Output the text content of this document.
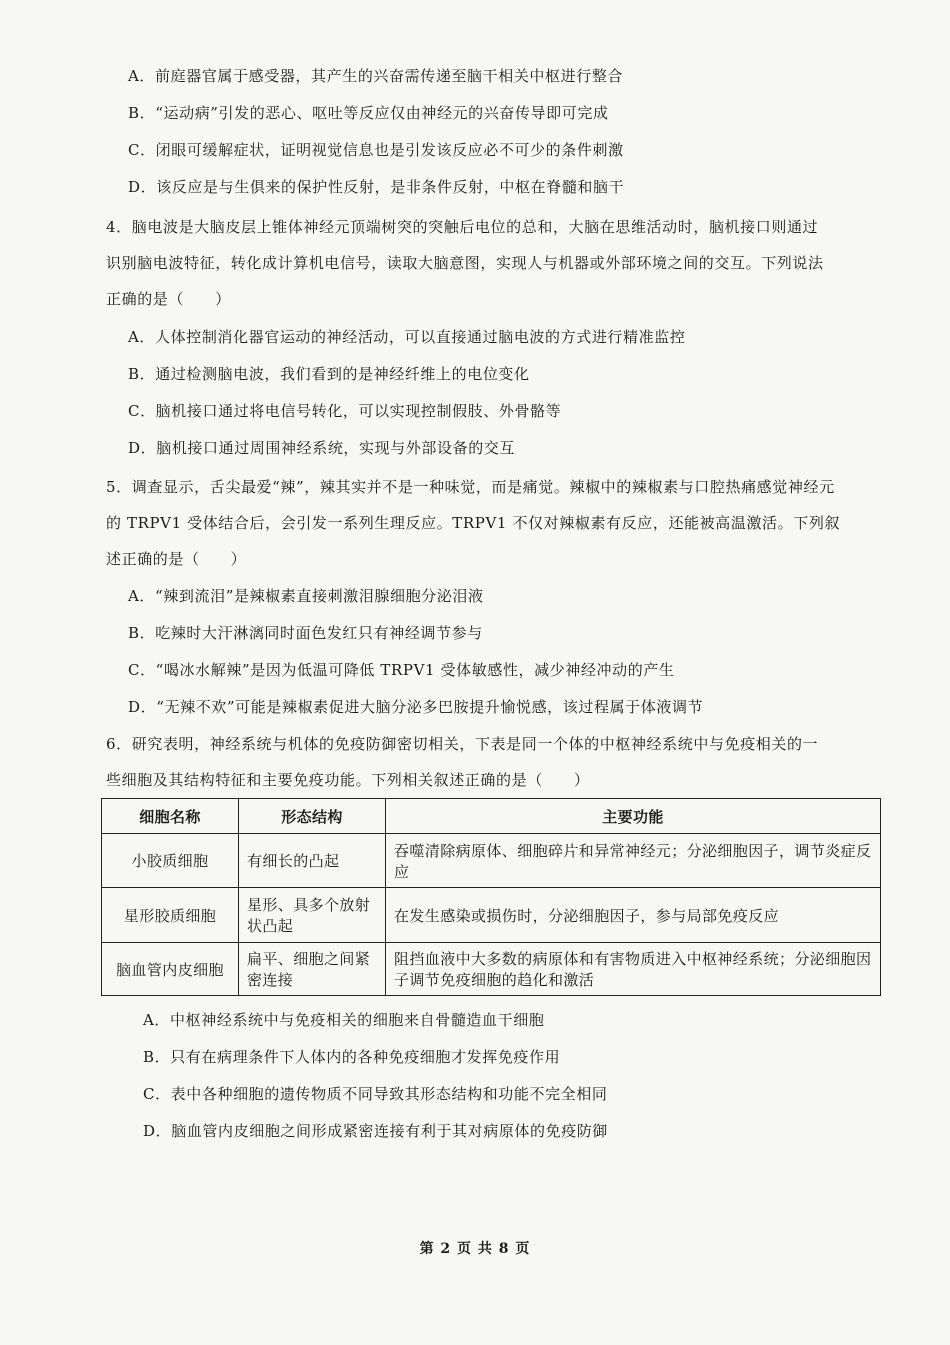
A．前庭器官属于感受器，其产生的兴奋需传递至脑干相关中枢进行整合
B．“运动病”引发的恶心、呕吐等反应仅由神经元的兴奋传导即可完成
C．闭眼可缓解症状，证明视觉信息也是引发该反应必不可少的条件刺激
D．该反应是与生俱来的保护性反射，是非条件反射，中枢在脊髓和脑干
4．脑电波是大脑皮层上锥体神经元顶端树突的突触后电位的总和，大脑在思维活动时，脑机接口则通过
识别脑电波特征，转化成计算机电信号，读取大脑意图，实现人与机器或外部环境之间的交互。下列说法
正确的是（　　）
A．人体控制消化器官运动的神经活动，可以直接通过脑电波的方式进行精准监控
B．通过检测脑电波，我们看到的是神经纤维上的电位变化
C．脑机接口通过将电信号转化，可以实现控制假肢、外骨骼等
D．脑机接口通过周围神经系统，实现与外部设备的交互
5．调查显示，舌尖最爱“辣”，辣其实并不是一种味觉，而是痛觉。辣椒中的辣椒素与口腔热痛感觉神经元
的 TRPV1 受体结合后，会引发一系列生理反应。TRPV1 不仅对辣椒素有反应，还能被高温激活。下列叙
述正确的是（　　）
A．“辣到流泪”是辣椒素直接刺激泪腺细胞分泌泪液
B．吃辣时大汗淋漓同时面色发红只有神经调节参与
C．“喝冰水解辣”是因为低温可降低 TRPV1 受体敏感性，减少神经冲动的产生
D．“无辣不欢”可能是辣椒素促进大脑分泌多巴胺提升愉悦感，该过程属于体液调节
6．研究表明，神经系统与机体的免疫防御密切相关，下表是同一个体的中枢神经系统中与免疫相关的一
些细胞及其结构特征和主要免疫功能。下列相关叙述正确的是（　　）
细胞名称	形态结构	主要功能
小胶质细胞	有细长的凸起	吞噬清除病原体、细胞碎片和异常神经元；分泌细胞因子，调节炎症反应
星形胶质细胞	星形、具多个放射状凸起	在发生感染或损伤时，分泌细胞因子，参与局部免疫反应
脑血管内皮细胞	扁平、细胞之间紧密连接	阻挡血液中大多数的病原体和有害物质进入中枢神经系统；分泌细胞因子调节免疫细胞的趋化和激活
A．中枢神经系统中与免疫相关的细胞来自骨髓造血干细胞
B．只有在病理条件下人体内的各种免疫细胞才发挥免疫作用
C．表中各种细胞的遗传物质不同导致其形态结构和功能不完全相同
D．脑血管内皮细胞之间形成紧密连接有利于其对病原体的免疫防御
第 2 页 共 8 页
